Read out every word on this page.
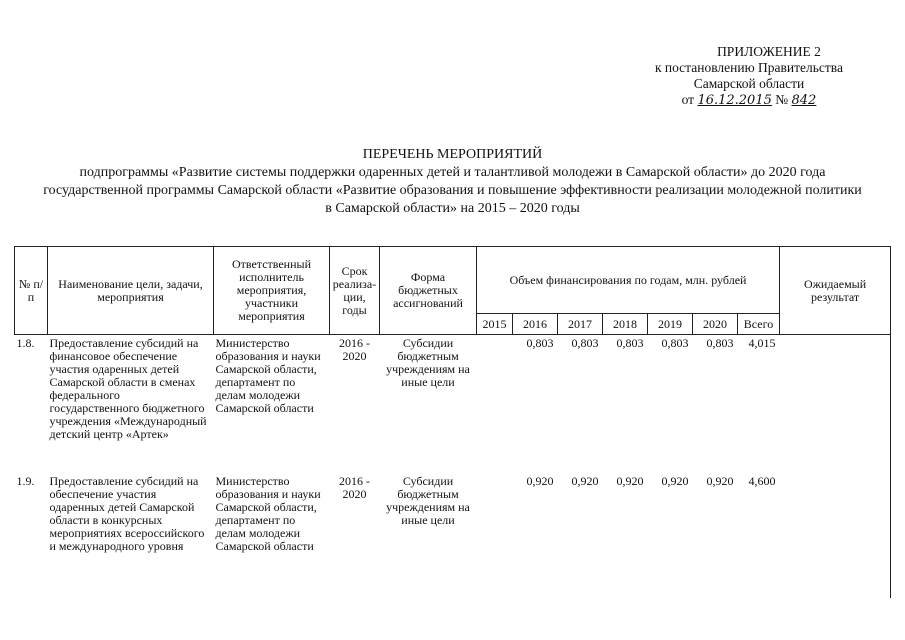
ПРИЛОЖЕНИЕ 2
к постановлению Правительства
Самарской области
от 16.12.2015 № 842
ПЕРЕЧЕНЬ МЕРОПРИЯТИЙ
подпрограммы «Развитие системы поддержки одаренных детей и талантливой молодежи в Самарской области» до 2020 года государственной программы Самарской области «Развитие образования и повышение эффективности реализации молодежной политики в Самарской области» на 2015 – 2020 годы
№ п/п	Наименование цели, задачи, мероприятия	Ответственный исполнитель мероприятия, участники мероприятия	Срок реализа-ции, годы	Форма бюджетных ассигнований	Объем финансирования по годам, млн. рублей							Ожидаемый результат
					2015	2016	2017	2018	2019	2020	Всего	
1.8.	Предоставление субсидий на финансовое обеспечение участия одаренных детей Самарской области в сменах федерального государственного бюджетного учреждения «Международный детский центр «Артек»	Министерство образования и науки Самарской области, департамент по делам молодежи Самарской области	2016 - 2020	Субсидии бюджетным учреждениям на иные цели		0,803	0,803	0,803	0,803	0,803	4,015	
1.9.	Предоставление субсидий на обеспечение участия одаренных детей Самарской области в конкурсных мероприятиях всероссийского и международного уровня	Министерство образования и науки Самарской области, департамент по делам молодежи Самарской области	2016 - 2020	Субсидии бюджетным учреждениям на иные цели		0,920	0,920	0,920	0,920	0,920	4,600	
